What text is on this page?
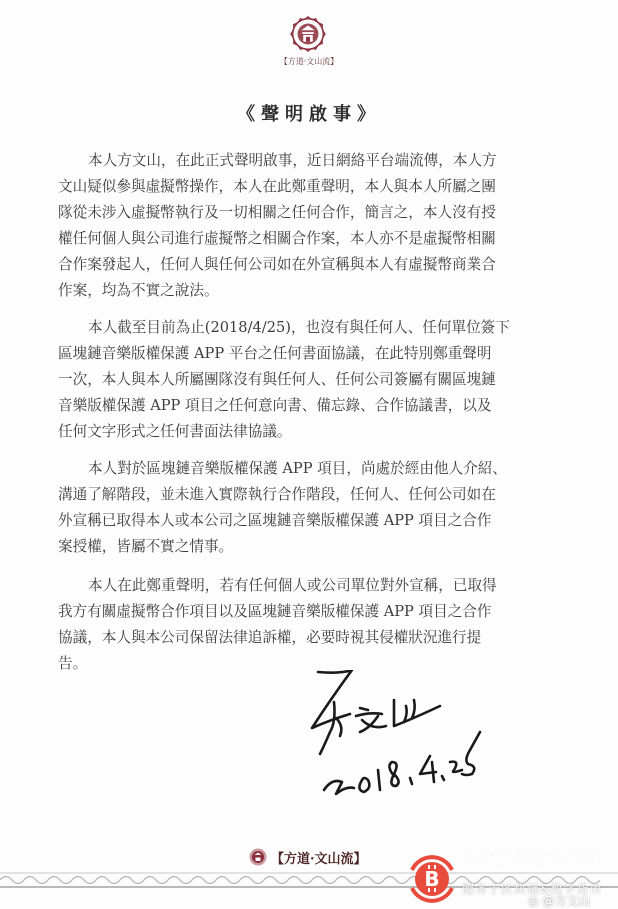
【方道·文山流】
《聲明啟事》
本人方文山，在此正式聲明啟事，近日網絡平台端流傳，本人方
文山疑似參與虛擬幣操作，本人在此鄭重聲明，本人與本人所屬之團
隊從未涉入虛擬幣執行及一切相關之任何合作，簡言之，本人沒有授
權任何個人與公司進行虛擬幣之相關合作案，本人亦不是虛擬幣相關
合作案發起人，任何人與任何公司如在外宣稱與本人有虛擬幣商業合
作案，均為不實之說法。
本人截至目前為止(2018/4/25)，也沒有與任何人、任何單位簽下
區塊鏈音樂版權保護 APP 平台之任何書面協議，在此特別鄭重聲明
一次，本人與本人所屬團隊沒有與任何人、任何公司簽屬有關區塊鏈
音樂版權保護 APP 項目之任何意向書、備忘錄、合作協議書，以及
任何文字形式之任何書面法律協議。
本人對於區塊鏈音樂版權保護 APP 項目，尚處於經由他人介紹、
溝通了解階段，並未進入實際執行合作階段，任何人、任何公司如在
外宣稱已取得本人或本公司之區塊鏈音樂版權保護 APP 項目之合作
案授權，皆屬不實之情事。
本人在此鄭重聲明，若有任何個人或公司單位對外宣稱，已取得
我方有關虛擬幣合作項目以及區塊鏈音樂版權保護 APP 項目之合作
協議，本人與本公司保留法律追訴權，必要時視其侵權狀況進行提
告。
【方道·文山流】
B
Bitcoin86.com
服务于区块链&数字货币
◎ @方文山
